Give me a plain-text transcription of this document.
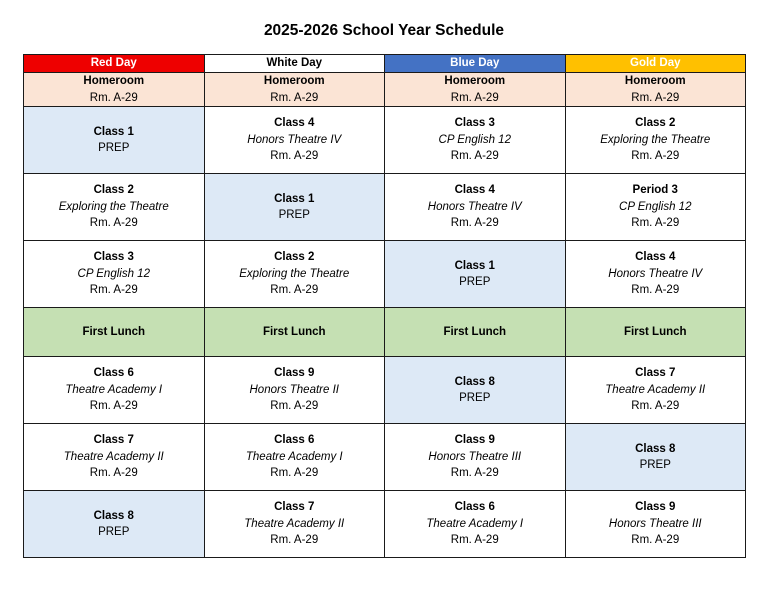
2025-2026 School Year Schedule
Red Day	White Day	Blue Day	Gold Day

Homeroom
Rm. A-29	Homeroom
Rm. A-29	Homeroom
Rm. A-29	Homeroom
Rm. A-29

Class 1
PREP	Class 4
Honors Theatre IV
Rm. A-29	Class 3
CP English 12
Rm. A-29	Class 2
Exploring the Theatre
Rm. A-29

Class 2
Exploring the Theatre
Rm. A-29	Class 1
PREP	Class 4
Honors Theatre IV
Rm. A-29	Period 3
CP English 12
Rm. A-29

Class 3
CP English 12
Rm. A-29	Class 2
Exploring the Theatre
Rm. A-29	Class 1
PREP	Class 4
Honors Theatre IV
Rm. A-29

First Lunch	First Lunch	First Lunch	First Lunch

Class 6
Theatre Academy I
Rm. A-29	Class 9
Honors Theatre II
Rm. A-29	Class 8
PREP	Class 7
Theatre Academy II
Rm. A-29

Class 7
Theatre Academy II
Rm. A-29	Class 6
Theatre Academy I
Rm. A-29	Class 9
Honors Theatre III
Rm. A-29	Class 8
PREP

Class 8
PREP	Class 7
Theatre Academy II
Rm. A-29	Class 6
Theatre Academy I
Rm. A-29	Class 9
Honors Theatre III
Rm. A-29
